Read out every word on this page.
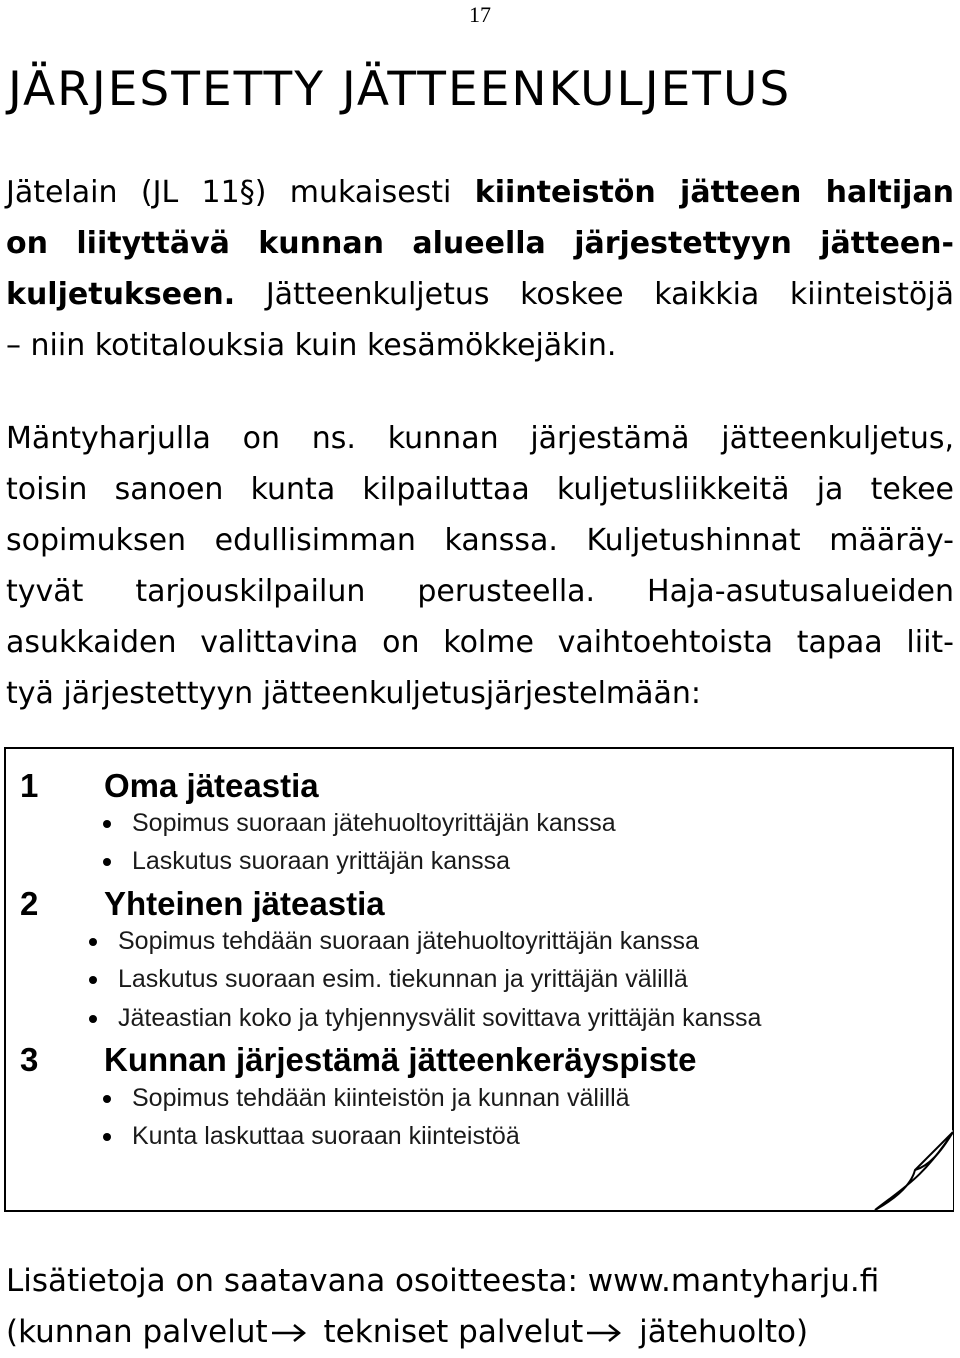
17
JÄRJESTETTY JÄTTEENKULJETUS
Jätelain (JL 11§) mukaisesti kiinteistön jätteen haltijan
on liityttävä kunnan alueella järjestettyyn jätteen-
kuljetukseen. Jätteenkuljetus koskee kaikkia kiinteistöjä
– niin kotitalouksia kuin kesämökkejäkin.
Mäntyharjulla on ns. kunnan järjestämä jätteenkuljetus,
toisin sanoen kunta kilpailuttaa kuljetusliikkeitä ja tekee
sopimuksen edullisimman kanssa. Kuljetushinnat määräy-
tyvät tarjouskilpailun perusteella. Haja-asutusalueiden
asukkaiden valittavina on kolme vaihtoehtoista tapaa liit-
tyä järjestettyyn jätteenkuljetusjärjestelmään:
1 Oma jäteastia
Sopimus suoraan jätehuoltoyrittäjän kanssa
Laskutus suoraan yrittäjän kanssa
2 Yhteinen jäteastia
Sopimus tehdään suoraan jätehuoltoyrittäjän kanssa
Laskutus suoraan esim. tiekunnan ja yrittäjän välillä
Jäteastian koko ja tyhjennysvälit sovittava yrittäjän kanssa
3 Kunnan järjestämä jätteenkeräyspiste
Sopimus tehdään kiinteistön ja kunnan välillä
Kunta laskuttaa suoraan kiinteistöä
Lisätietoja on saatavana osoitteesta: www.mantyharju.fi
(kunnan palvelut tekniset palvelut jätehuolto)
